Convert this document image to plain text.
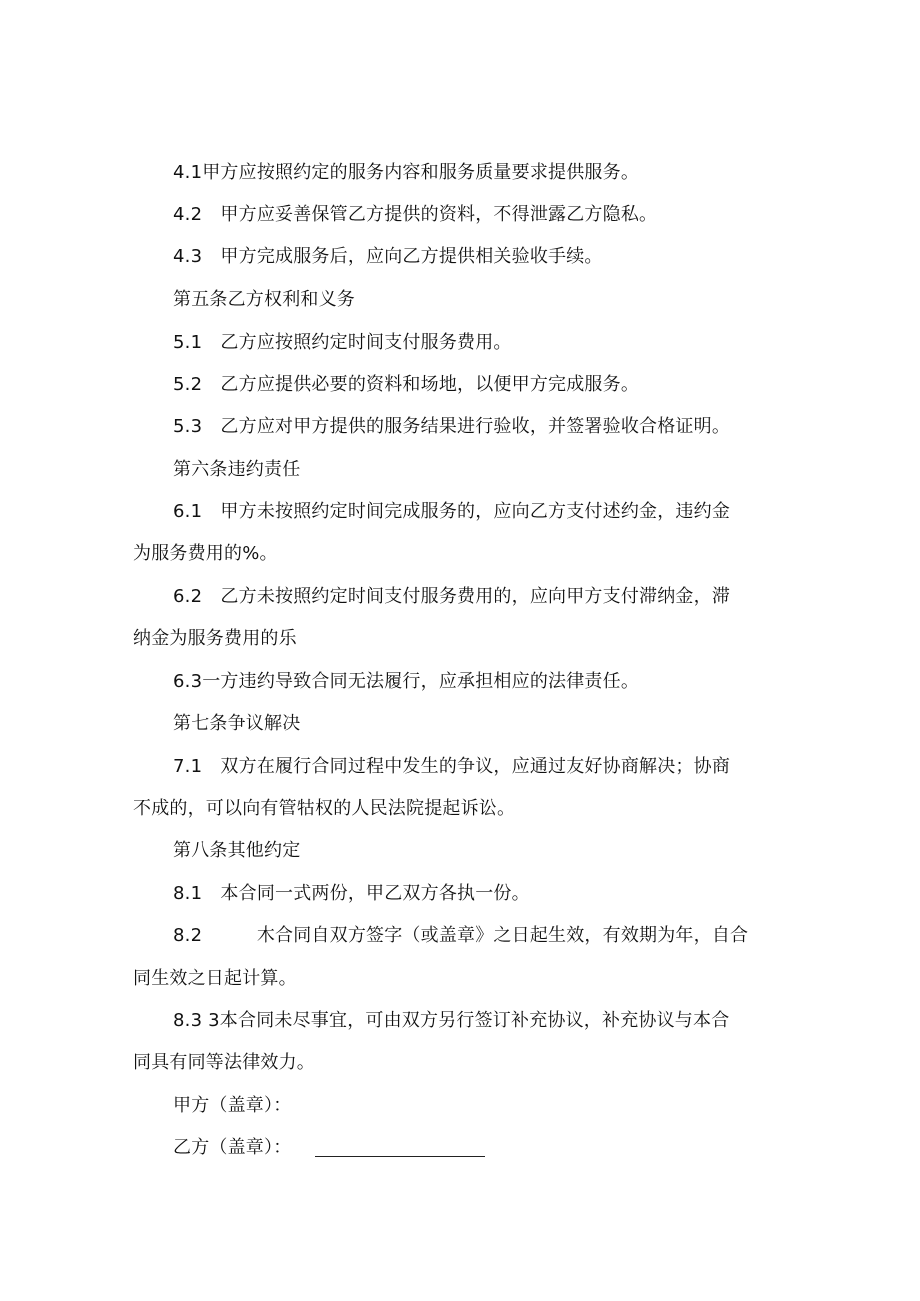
4.1甲方应按照约定的服务内容和服务质量要求提供服务。
4.2　甲方应妥善保管乙方提供的资料，不得泄露乙方隐私。
4.3　甲方完成服务后，应向乙方提供相关验收手续。
第五条乙方权利和义务
5.1　乙方应按照约定时间支付服务费用。
5.2　乙方应提供必要的资料和场地，以便甲方完成服务。
5.3　乙方应对甲方提供的服务结果进行验收，并签署验收合格证明。
第六条违约责任
6.1　甲方未按照约定时间完成服务的，应向乙方支付述约金，违约金
为服务费用的%。
6.2　乙方未按照约定时间支付服务费用的，应向甲方支付滞纳金，滞
纳金为服务费用的乐
6.3一方违约导致合同无法履行，应承担相应的法律责任。
第七条争议解决
7.1　双方在履行合同过程中发生的争议，应通过友好协商解决；协商
不成的，可以向有管牯权的人民法院提起诉讼。
第八条其他约定
8.1　本合同一式两份，甲乙双方各执一份。
8.2　　　木合同自双方签字（或盖章》之日起生效，有效期为年，自合
同生效之日起计算。
8.3 3本合同未尽事宜，可由双方另行签订补充协议，补充协议与本合
同具有同等法律效力。
甲方（盖章）：
乙方（盖章）：
